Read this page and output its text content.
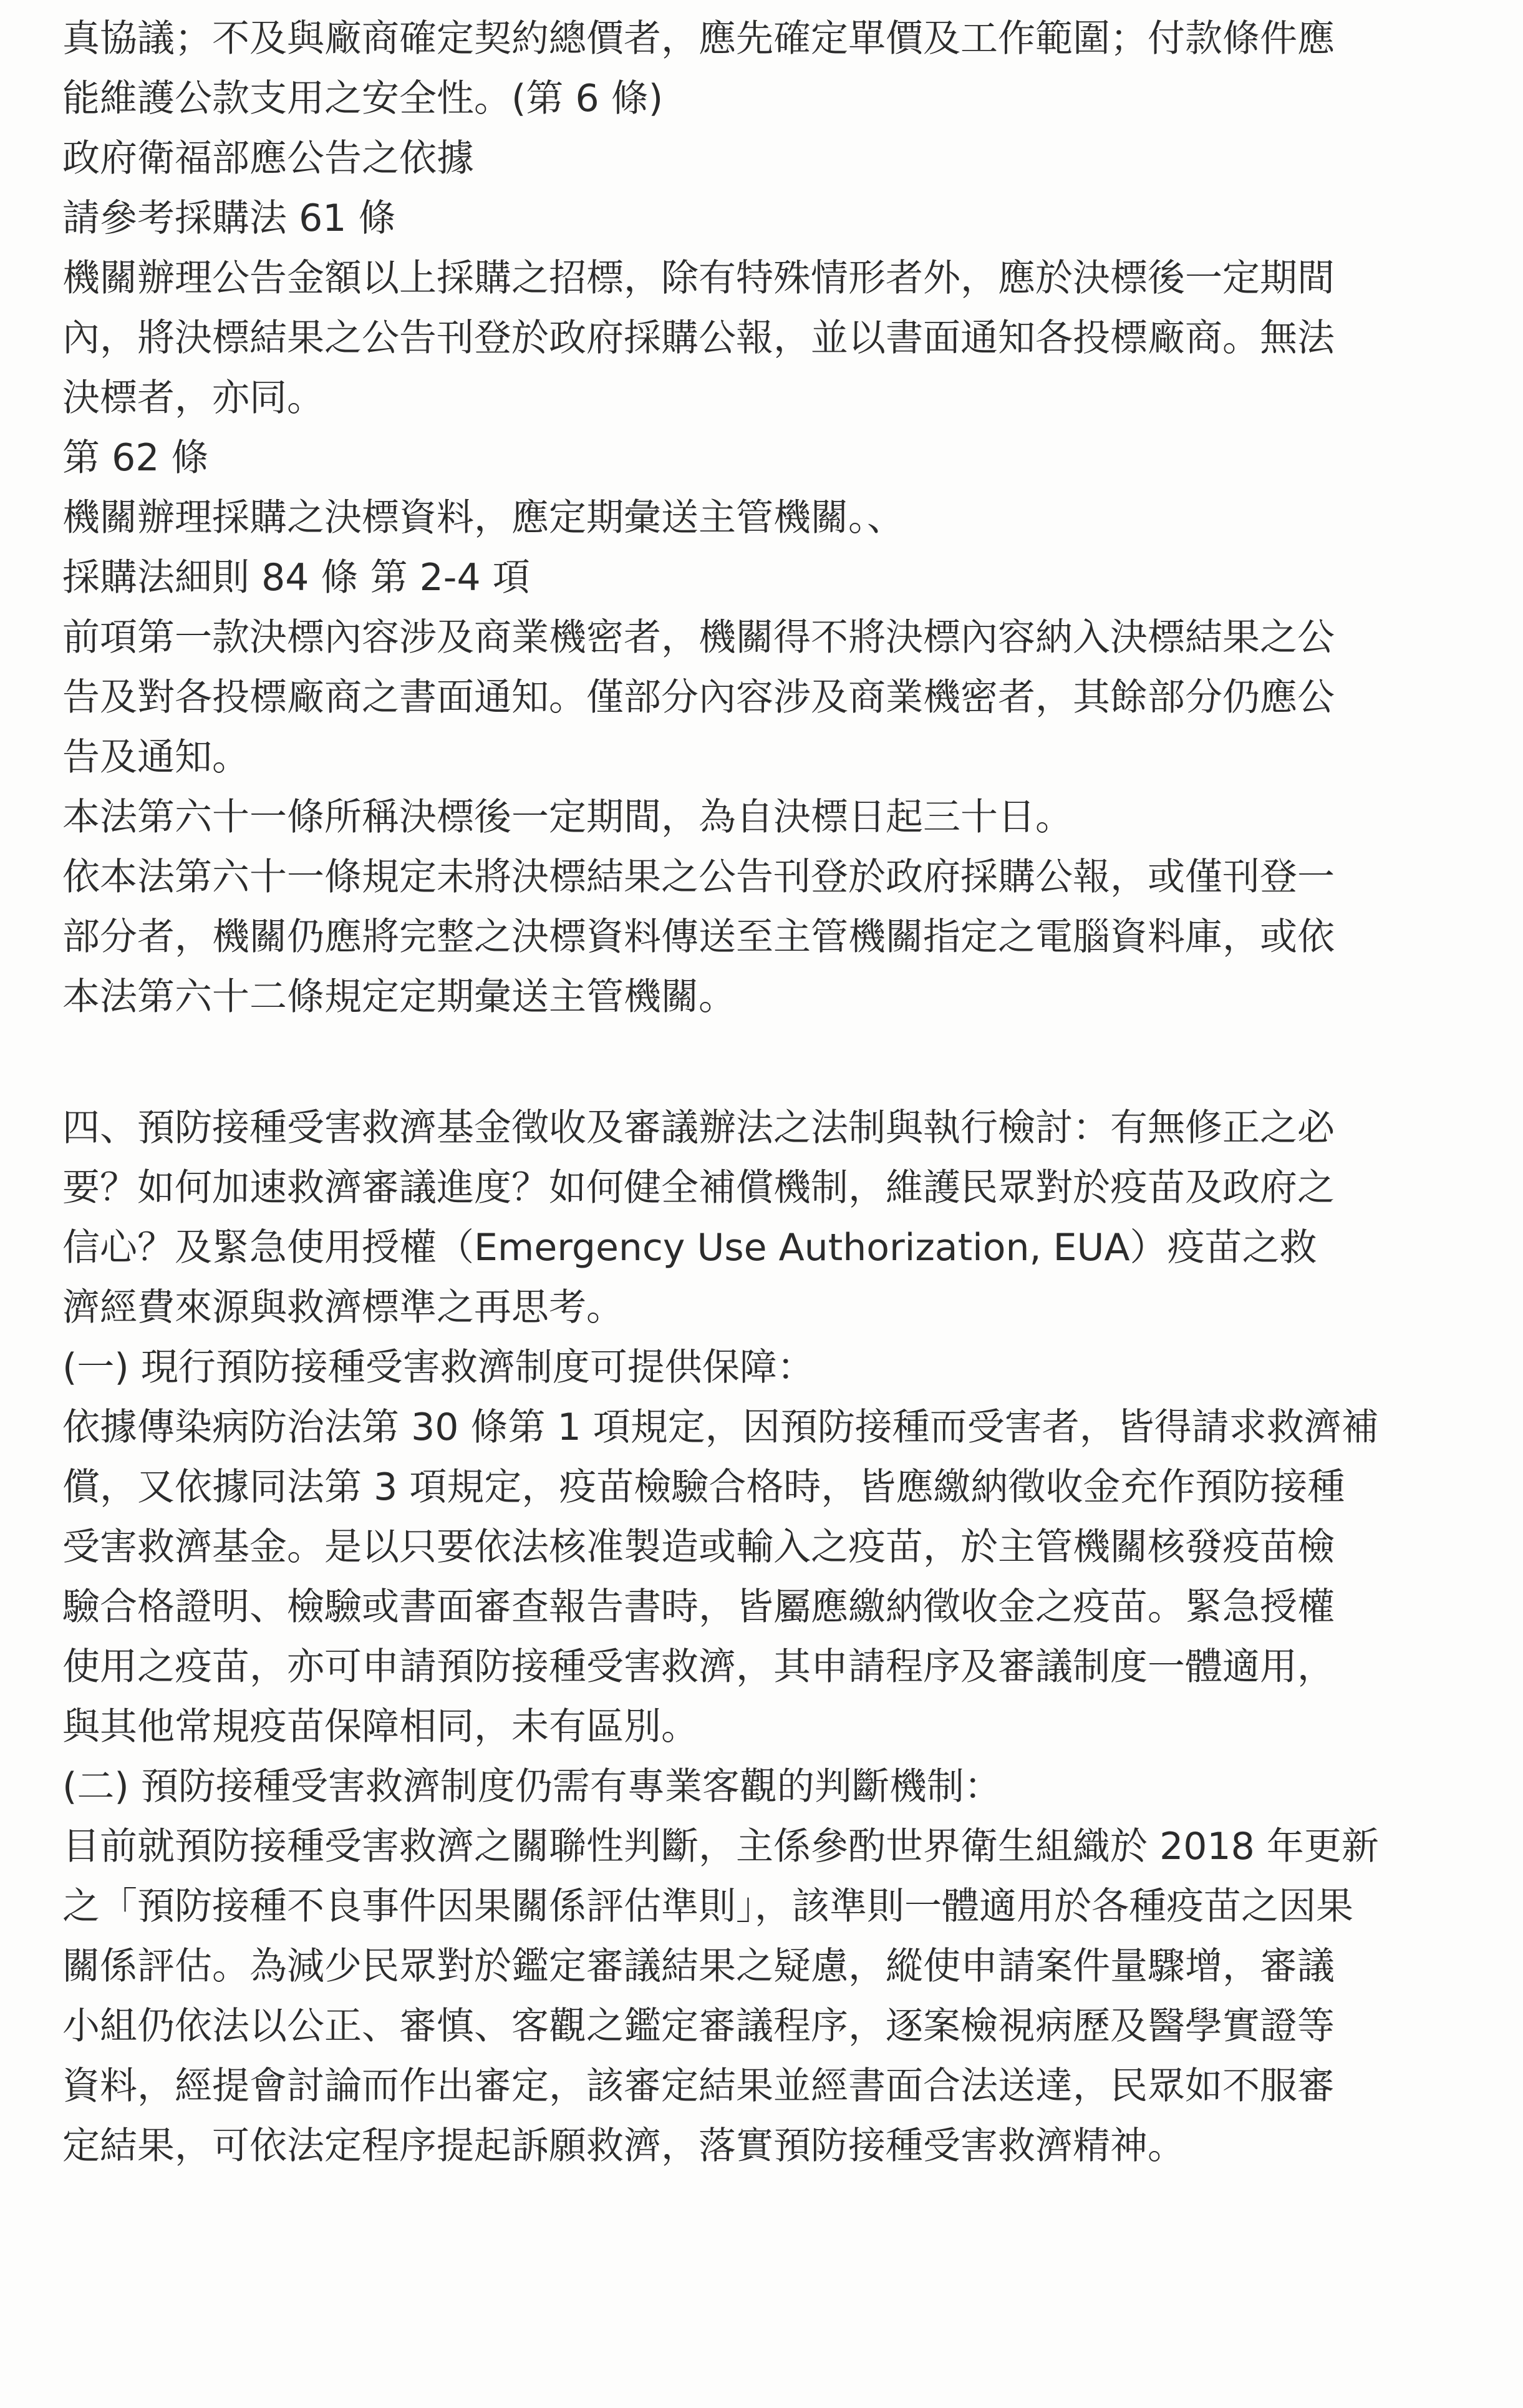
真協議；不及與廠商確定契約總價者，應先確定單價及工作範圍；付款條件應
能維護公款支用之安全性。(第 6 條)
政府衛福部應公告之依據
請參考採購法 61 條
機關辦理公告金額以上採購之招標，除有特殊情形者外，應於決標後一定期間
內，將決標結果之公告刊登於政府採購公報，並以書面通知各投標廠商。無法
決標者，亦同。
第 62 條
機關辦理採購之決標資料，應定期彙送主管機關。、
採購法細則 84 條 第 2-4 項
前項第一款決標內容涉及商業機密者，機關得不將決標內容納入決標結果之公
告及對各投標廠商之書面通知。僅部分內容涉及商業機密者，其餘部分仍應公
告及通知。
本法第六十一條所稱決標後一定期間，為自決標日起三十日。
依本法第六十一條規定未將決標結果之公告刊登於政府採購公報，或僅刊登一
部分者，機關仍應將完整之決標資料傳送至主管機關指定之電腦資料庫，或依
本法第六十二條規定定期彙送主管機關。
四、預防接種受害救濟基金徵收及審議辦法之法制與執行檢討：有無修正之必
要？如何加速救濟審議進度？如何健全補償機制，維護民眾對於疫苗及政府之
信心？及緊急使用授權（Emergency Use Authorization, EUA）疫苗之救
濟經費來源與救濟標準之再思考。
(一) 現行預防接種受害救濟制度可提供保障：
依據傳染病防治法第 30 條第 1 項規定，因預防接種而受害者，皆得請求救濟補
償，又依據同法第 3 項規定，疫苗檢驗合格時，皆應繳納徵收金充作預防接種
受害救濟基金。是以只要依法核准製造或輸入之疫苗，於主管機關核發疫苗檢
驗合格證明、檢驗或書面審查報告書時，皆屬應繳納徵收金之疫苗。緊急授權
使用之疫苗，亦可申請預防接種受害救濟，其申請程序及審議制度一體適用，
與其他常規疫苗保障相同，未有區別。
(二) 預防接種受害救濟制度仍需有專業客觀的判斷機制：
目前就預防接種受害救濟之關聯性判斷，主係參酌世界衛生組織於 2018 年更新
之「預防接種不良事件因果關係評估準則」，該準則一體適用於各種疫苗之因果
關係評估。為減少民眾對於鑑定審議結果之疑慮，縱使申請案件量驟增，審議
小組仍依法以公正、審慎、客觀之鑑定審議程序，逐案檢視病歷及醫學實證等
資料，經提會討論而作出審定，該審定結果並經書面合法送達，民眾如不服審
定結果，可依法定程序提起訴願救濟，落實預防接種受害救濟精神。
